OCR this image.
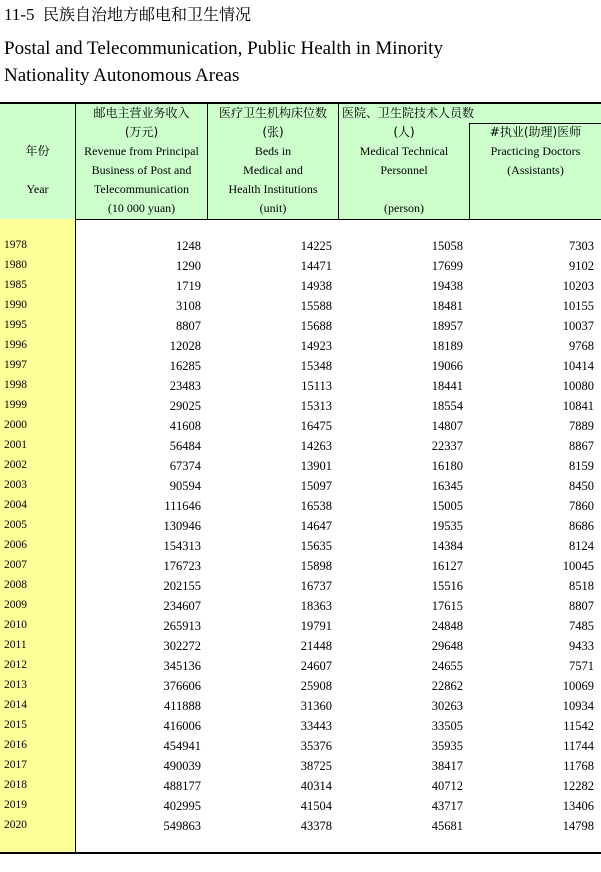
11-5 民族自治地方邮电和卫生情况
Postal and Telecommunication, Public Health in Minority
Nationality Autonomous Areas
年份
Year
邮电主营业务收入
(万元)
Revenue from Principal
Business of Post and
Telecommunication
(10 000 yuan)
医疗卫生机构床位数
(张)
Beds in
Medical and
Health Institutions
(unit)
医院、卫生院技术人员数
(人)
Medical Technical
Personnel
(person)
#执业(助理)医师
Practicing Doctors
(Assistants)
1978	1248	14225	15058	7303
1980	1290	14471	17699	9102
1985	1719	14938	19438	10203
1990	3108	15588	18481	10155
1995	8807	15688	18957	10037
1996	12028	14923	18189	9768
1997	16285	15348	19066	10414
1998	23483	15113	18441	10080
1999	29025	15313	18554	10841
2000	41608	16475	14807	7889
2001	56484	14263	22337	8867
2002	67374	13901	16180	8159
2003	90594	15097	16345	8450
2004	111646	16538	15005	7860
2005	130946	14647	19535	8686
2006	154313	15635	14384	8124
2007	176723	15898	16127	10045
2008	202155	16737	15516	8518
2009	234607	18363	17615	8807
2010	265913	19791	24848	7485
2011	302272	21448	29648	9433
2012	345136	24607	24655	7571
2013	376606	25908	22862	10069
2014	411888	31360	30263	10934
2015	416006	33443	33505	11542
2016	454941	35376	35935	11744
2017	490039	38725	38417	11768
2018	488177	40314	40712	12282
2019	402995	41504	43717	13406
2020	549863	43378	45681	14798
